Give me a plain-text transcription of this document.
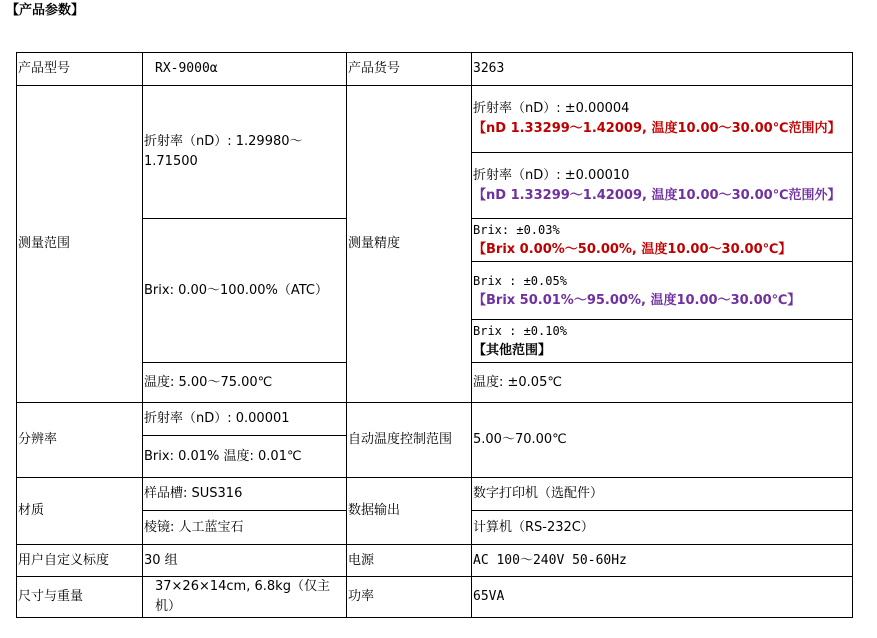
【产品参数】
产品型号	RX-9000α	产品货号	3263
测量范围	折射率（nD）: 1.29980～1.71500	测量精度	折射率（nD）: ±0.00004
【nD 1.33299～1.42009, 温度10.00～30.00℃范围内】

			折射率（nD）: ±0.00010
【nD 1.33299～1.42009, 温度10.00～30.00℃范围外】

	Brix: 0.00～100.00%（ATC）		Brix: ±0.03%
【Brix 0.00%～50.00%, 温度10.00～30.00℃】

			Brix : ±0.05%
【Brix 50.01%～95.00%, 温度10.00～30.00℃】

			Brix : ±0.10%
【其他范围】

	温度: 5.00～75.00℃		温度: ±0.05℃
分辨率	折射率（nD）: 0.00001	自动温度控制范围	5.00～70.00℃
	Brix: 0.01% 温度: 0.01℃		
材质	样品槽: SUS316	数据输出	数字打印机（选配件）
	棱镜: 人工蓝宝石		计算机（RS-232C）
用户自定义标度	30 组	电源	AC 100～240V 50-60Hz
尺寸与重量	37×26×14cm, 6.8kg（仅主机）	功率	65VA
